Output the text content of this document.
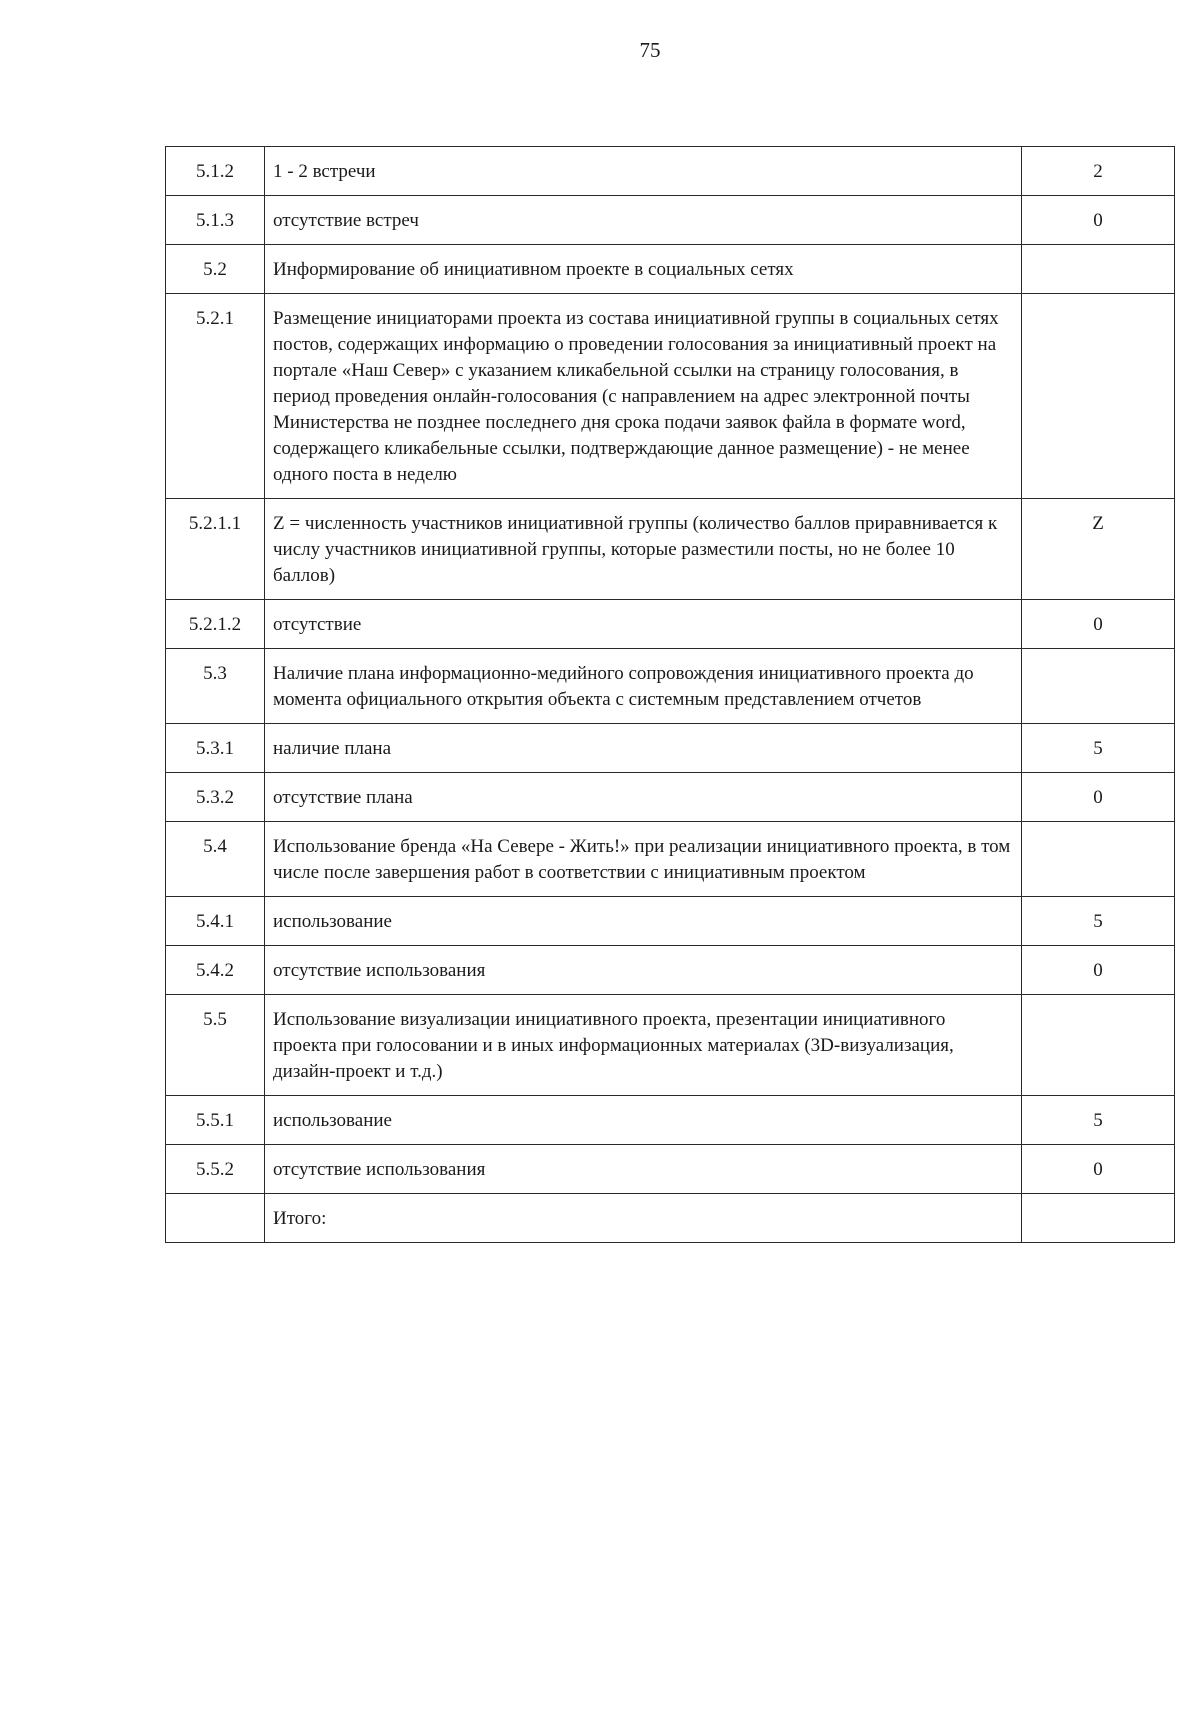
75
5.1.2	1 - 2 встречи	2
5.1.3	отсутствие встреч	0
5.2	Информирование об инициативном проекте в социальных сетях	
5.2.1	Размещение инициаторами проекта из состава инициативной группы в социальных сетях постов, содержащих информацию о проведении голосования за инициативный проект на портале «Наш Север» с указанием кликабельной ссылки на страницу голосования, в период проведения онлайн-голосования (с направлением на адрес электронной почты Министерства не позднее последнего дня срока подачи заявок файла в формате word, содержащего кликабельные ссылки, подтверждающие данное размещение) - не менее одного поста в неделю	
5.2.1.1	Z = численность участников инициативной группы (количество баллов приравнивается к числу участников инициативной группы, которые разместили посты, но не более 10 баллов)	Z
5.2.1.2	отсутствие	0
5.3	Наличие плана информационно-медийного сопровождения инициативного проекта до момента официального открытия объекта с системным представлением отчетов	
5.3.1	наличие плана	5
5.3.2	отсутствие плана	0
5.4	Использование бренда «На Севере - Жить!» при реализации инициативного проекта, в том числе после завершения работ в соответствии с инициативным проектом	
5.4.1	использование	5
5.4.2	отсутствие использования	0
5.5	Использование визуализации инициативного проекта, презентации инициативного проекта при голосовании и в иных информационных материалах (3D-визуализация, дизайн-проект и т.д.)	
5.5.1	использование	5
5.5.2	отсутствие использования	0
	Итого:	
